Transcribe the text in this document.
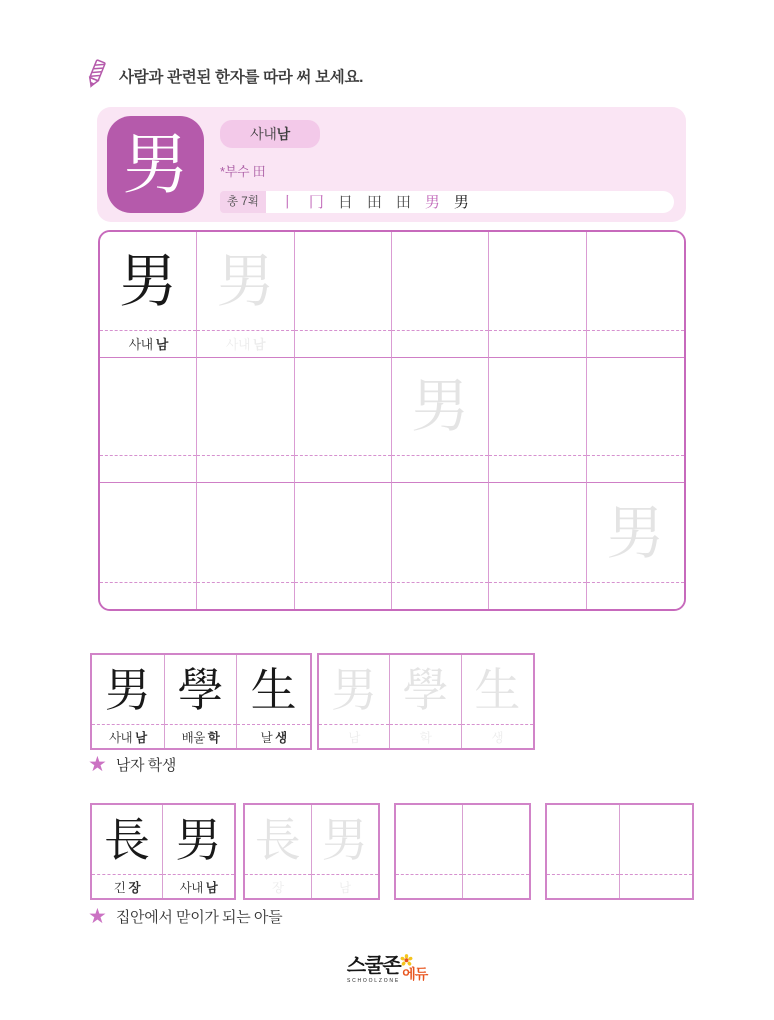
사람과 관련된 한자를 따라 써 보세요.
男	사내남
*부수 田
총 7획	丨 冂 日 田 田 男 男
男
사내 남
男
사내 남
男
男
男
사내 남
學
배울 학
生
날 생
男
남
學
학
生
생
★ 남자 학생
長
긴 장
男
사내 남
長
장
男
남
★ 집안에서 맏이가 되는 아들
스쿨존
SCHOOLZONE 에듀
